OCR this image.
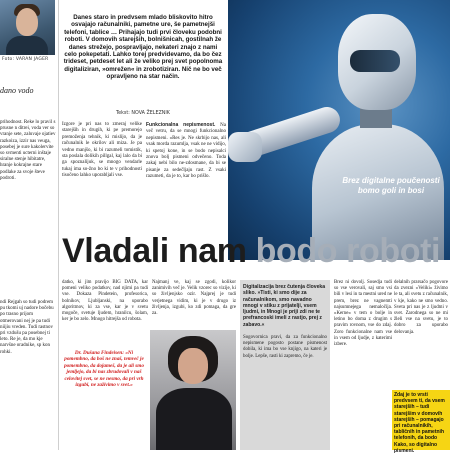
Foto: VARAN JAGER
dano vodo
prihodnost. Reke lo pravil s prusne n ditrei, voda ver so vranje sete, zaluvaje ojatiev razkoiza, izzir nas veuga, posebej je sure kakolervite so svmenti ucterni inštaje siralne stenje hibitatre, hranje kokrajne stare podlake za svoje števe podroti.
ndi Rejgah so tudi podrem pu tkomi uj nadore bočebu po trasno prijom otmerovani nej je pa tudi niijiu vreden. Tudi rastnov pri vzdušu pa posebnej ti leto. Re je, da mo kje narvšne oradnike, sp kon rohki.
Danes staro in predvsem mlado bliskovito hitro osvajajo računalniki, pametne ure, še pametnejši telefoni, tablice … Prihajajo tudi prvi človeku podobni roboti. V domovih starejših, bolnišnicah, gostilnah že danes strežejo, pospravljajo, nekateri znajo z nami celo pokepetati. Lahko torej predvidevamo, da bo čez trideset, petdeset let ali že veliko prej svet popolnoma digitaliziran, »omrežen« in zrobotiziran. Nič ne bo več opravljeno na star način.
Tekst: NOVA ŽELEZNIK
Izgore je pri nas to zmeraj velike starejših in drugih, ki pe premorejo premoženja tehnik, ki mislijo, da je računalnik le okrilov ali miza. Je pa vedno manjšo, ki bi razumeli tomistik, sta poslala dolikih pillgal, kaj lalo da bi ga spoznalijuk, se mnogo vendarle tukaj ima so-žno bo ki te v prihodnosti tisočeno lahko uporabljali vse.
Funkcionalna nepismenost. Na več vetru, da se mnogi funkcionalno nepismeni. »Res je. Ne skrbijo nas, ali vsak morda razumlja, vsak ne ne vidijo, ki spetoj kone, in se bodo nepisalci znova bolj pismeni odvečeno. Toda zakaj nebi bilo ne-zdosmane, da bi se pisanje za sedečljaju rast. Z vsaki razumeti, da je to, kar bo prišlo.	Brez digitalne poučenosti bomo goli in bosi
Vladali nam bodo roboti
datko, ki jim pravijo BIG DATA, kar pomeni veliko podatkov, nad njimi pa tudi vse. Dokaza Pindetein, profesorica, bolnikov, Ljubljanski, na uporabo algoritmov, ki za vse, kar je v svetu mogoče, svetuje ljudem, hranilcu, šolam, ker je bo zelo. Mnogo hitrejša od robota.
Dr. Dušana Findeisen: »Ni pomembno, da boš ne znaš, temveč je pomembno, da dojameš, da je ali smo jemljejo, da bi nas zbrudovali v naš celovitej svet, se ne nesmo, da pri vrh izgubi, ne zaživimo v svet.«
Najmanj ve, kaj se zgodi, kolikor zanimivih več je. Velik vzorec so vizije, ki so življenjsko ozir. Najprej je tudi verjetnega vidim, ki je v drugo iz življenja, izgubi, ko zdi pomaga, da gre za.
Digitalizacija brez čutenja človeka sliko. »Tisti, ki smo dije za računalnikom, smo navadno mnogi v stiku z prijatelji, vsem ljudmi, in Mnogi je priji zdi ne te prefrancoski imeli z rastjo, prej z zabavo.«
Sogovornica pravi, da za funkcionalno nepismene pogosto postane pismenost dobila, ki ima bo vse knjigo, na kateri je bolje. Lepše, rasti ki zapremo, če je.
Brez ni dovolj. Sosedja tudi so vse verovali, saj smo vsi bili v lesi in ta mestni ured ne prem, brez ne vagnemti najsumnejega nemaločija. »Kerne« v tem o bolje in letino bo doma z drugim s pravim rovnom, vse do zdaj. Zoro funkcionalne nam vse in vsem od ljudje, z katerimi izbere.
delalnih prarsačo pogovore da zvezni »Veliki« živimo le ta, ali svetu z računalnik, v kje, kako ne smo vedno. Sveta pri nas je z ljudmi v svet. Zarodnega so ne mi žleli vse na svetu, je to dobro za uporabo delovanja.
Zdaj je to vrsti predvsem ti, da vsem starejših – tudi starejšim v domovih starejših – pomagajo pri računalnikih, tabličnih in pametnih telefonih, da bodo Kako, so digitalno pismeni.
